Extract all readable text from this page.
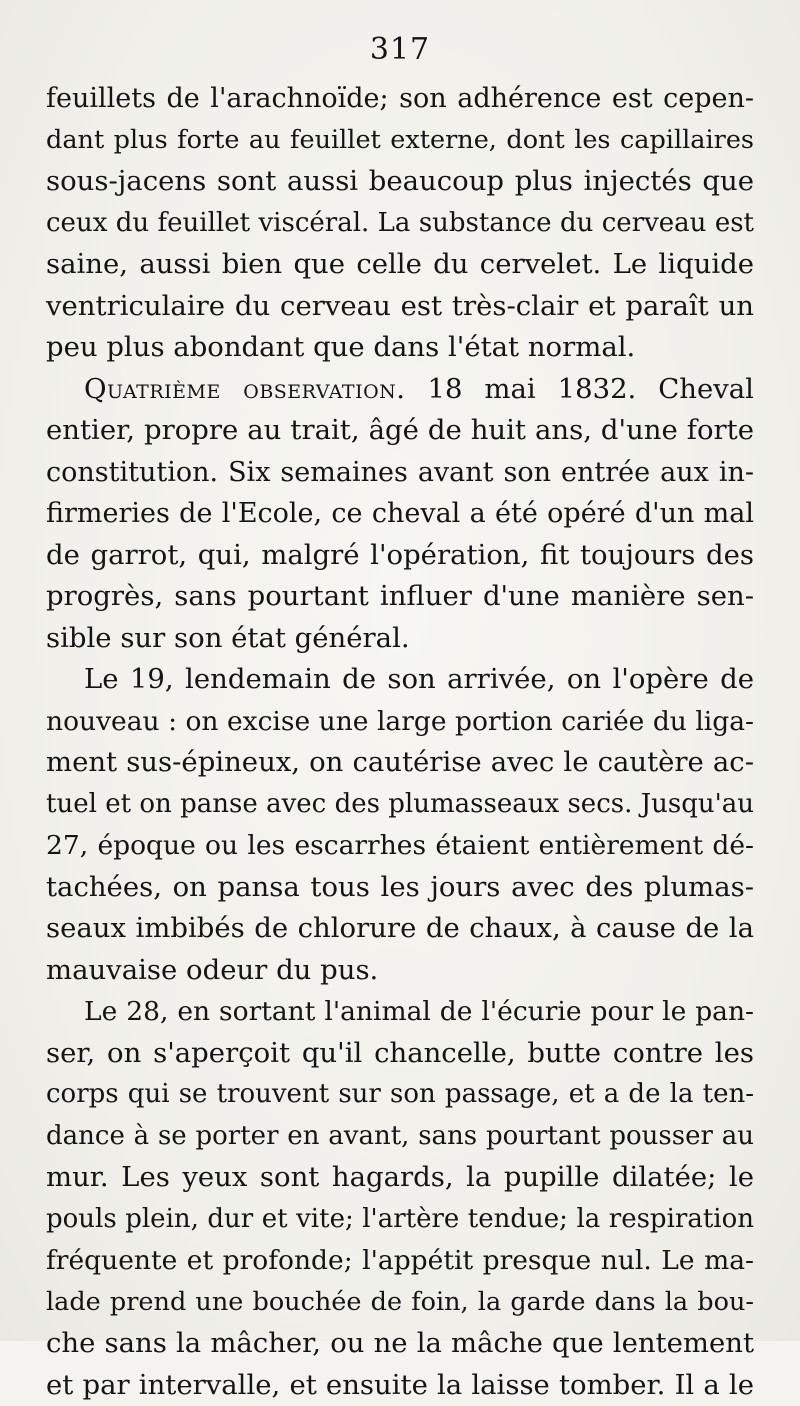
317
feuillets de l'arachnoïde; son adhérence est cepen-
dant plus forte au feuillet externe, dont les capillaires
sous-jacens sont aussi beaucoup plus injectés que
ceux du feuillet viscéral. La substance du cerveau est
saine, aussi bien que celle du cervelet. Le liquide
ventriculaire du cerveau est très-clair et paraît un
peu plus abondant que dans l'état normal.
Quatrième observation. 18 mai 1832. Cheval
entier, propre au trait, âgé de huit ans, d'une forte
constitution. Six semaines avant son entrée aux in-
firmeries de l'Ecole, ce cheval a été opéré d'un mal
de garrot, qui, malgré l'opération, fit toujours des
progrès, sans pourtant influer d'une manière sen-
sible sur son état général.
Le 19, lendemain de son arrivée, on l'opère de
nouveau : on excise une large portion cariée du liga-
ment sus-épineux, on cautérise avec le cautère ac-
tuel et on panse avec des plumasseaux secs. Jusqu'au
27, époque ou les escarrhes étaient entièrement dé-
tachées, on pansa tous les jours avec des plumas-
seaux imbibés de chlorure de chaux, à cause de la
mauvaise odeur du pus.
Le 28, en sortant l'animal de l'écurie pour le pan-
ser, on s'aperçoit qu'il chancelle, butte contre les
corps qui se trouvent sur son passage, et a de la ten-
dance à se porter en avant, sans pourtant pousser au
mur. Les yeux sont hagards, la pupille dilatée; le
pouls plein, dur et vite; l'artère tendue; la respiration
fréquente et profonde; l'appétit presque nul. Le ma-
lade prend une bouchée de foin, la garde dans la bou-
che sans la mâcher, ou ne la mâche que lentement
et par intervalle, et ensuite la laisse tomber. Il a le
